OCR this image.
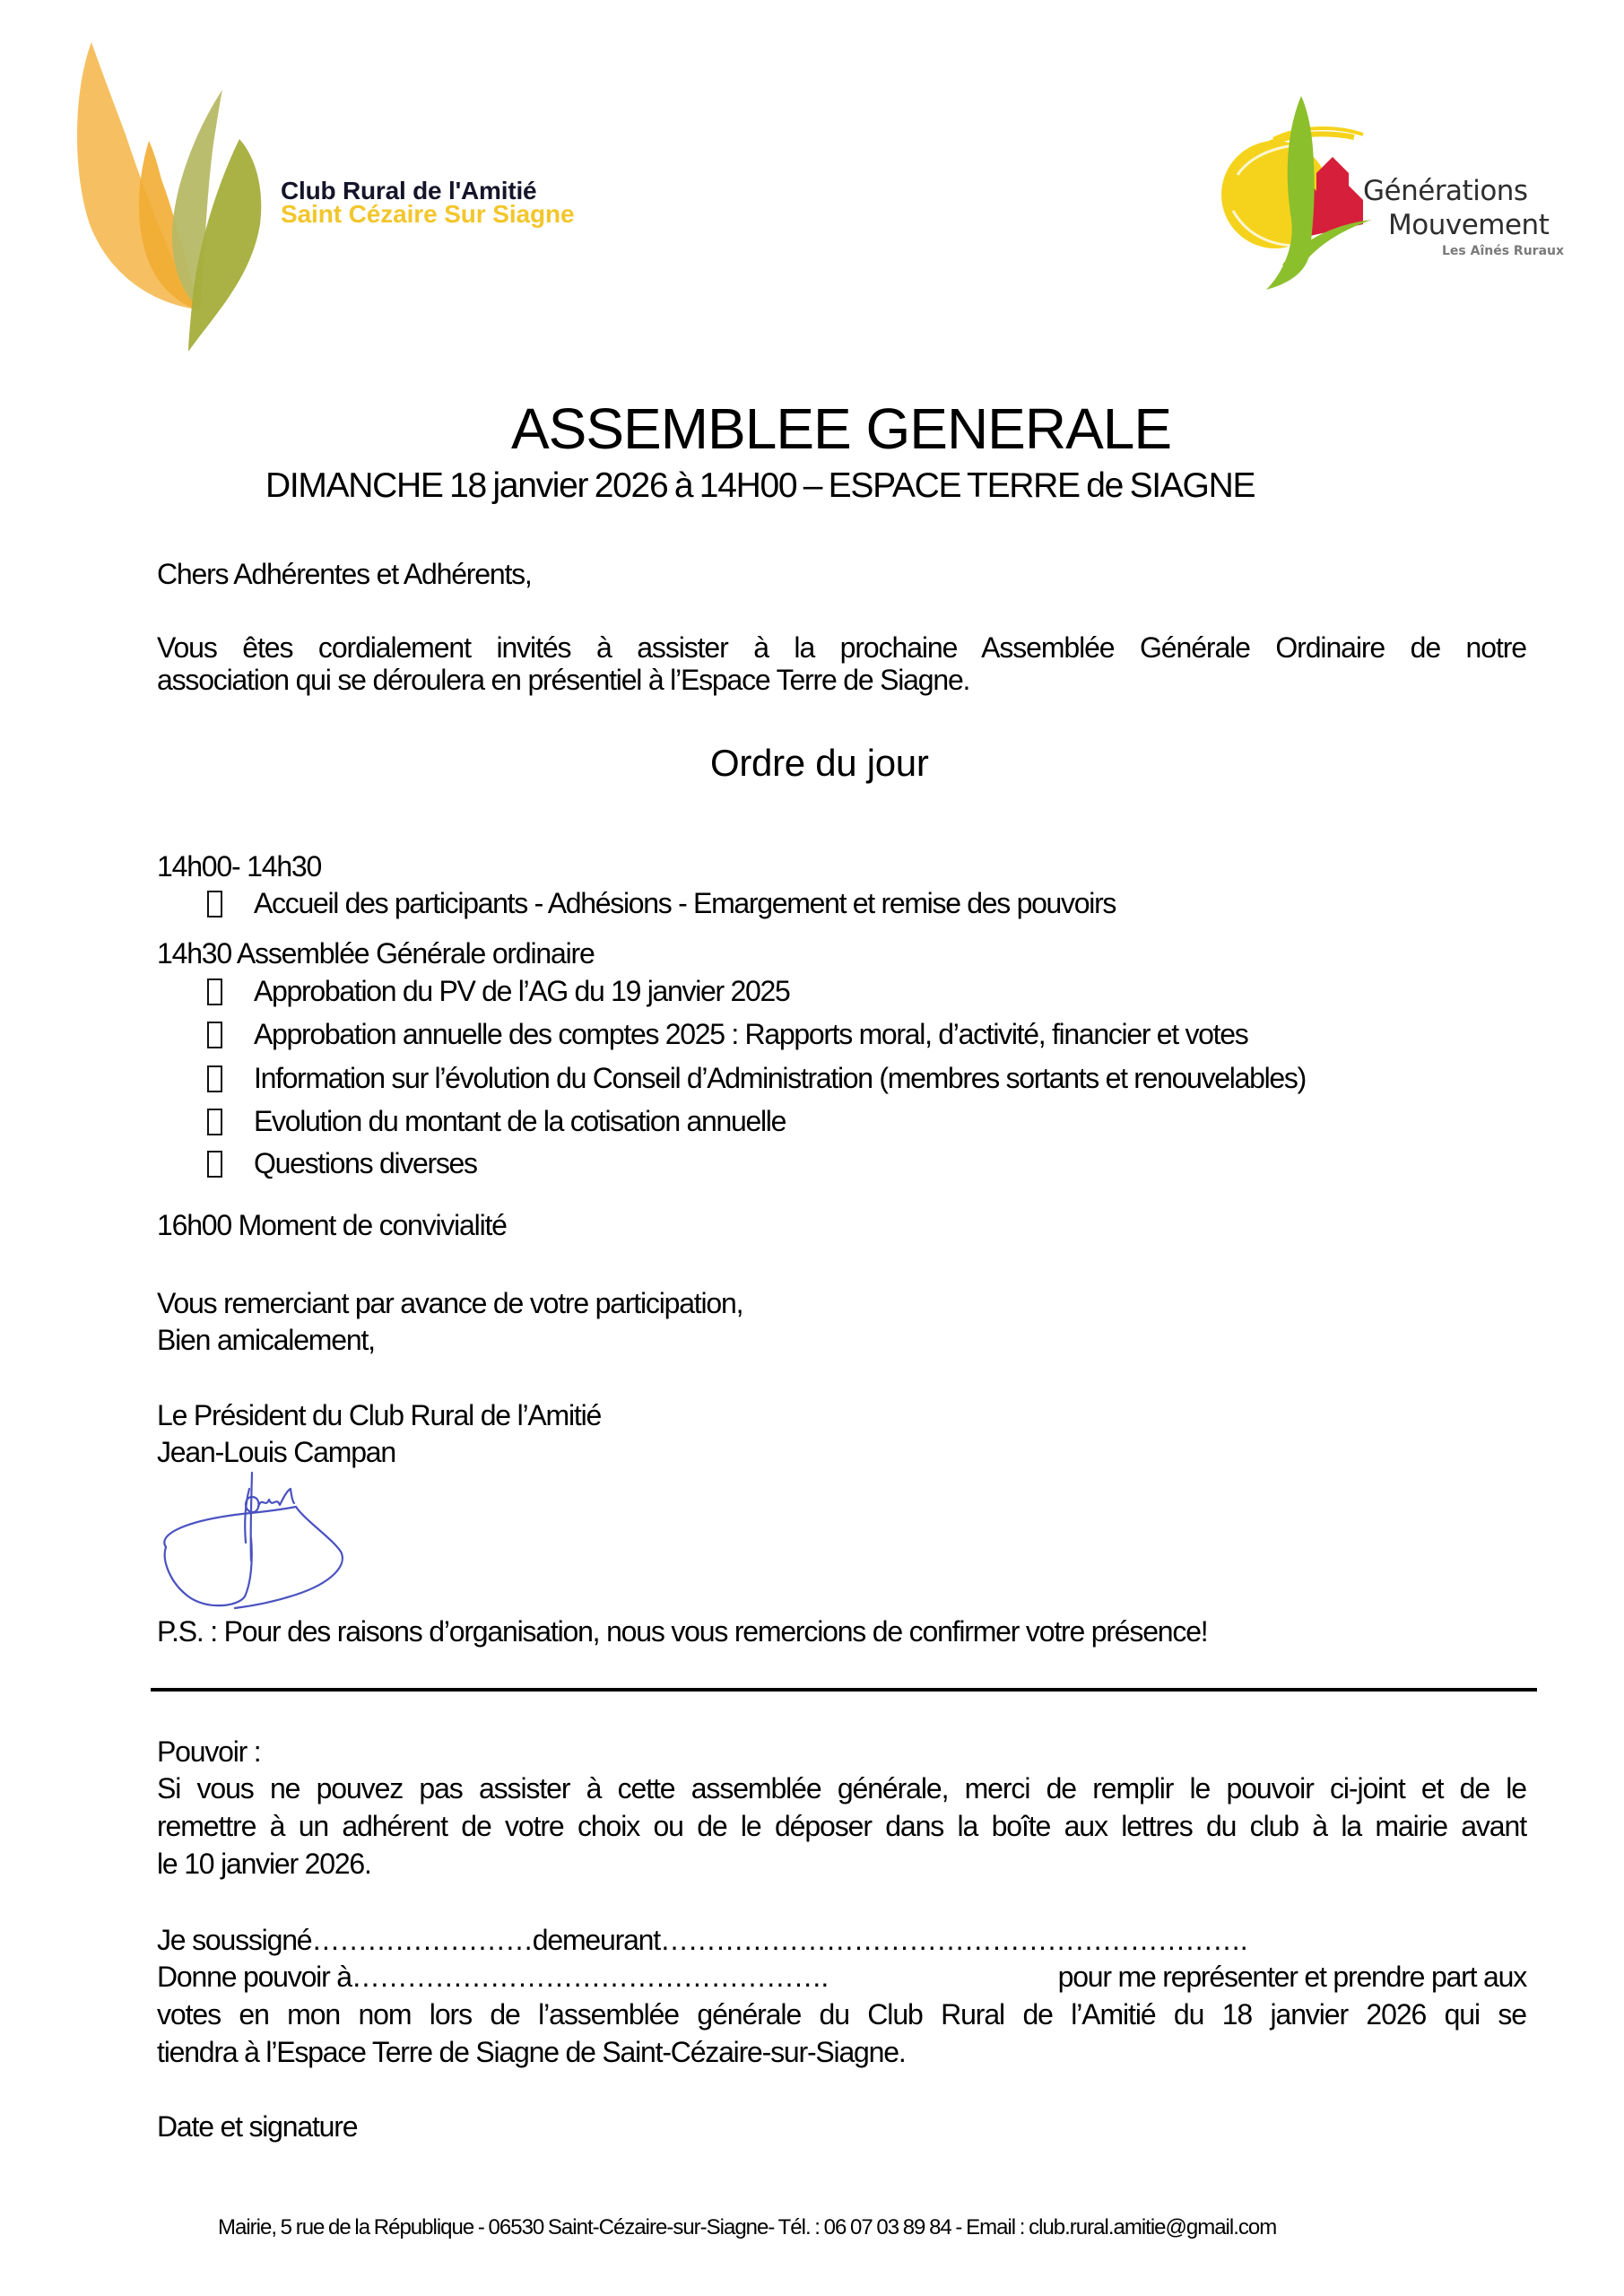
Club Rural de l'Amitié
Saint Cézaire Sur Siagne
Générations
Mouvement
Les Aînés Ruraux
ASSEMBLEE GENERALE
DIMANCHE 18 janvier 2026 à 14H00 – ESPACE TERRE de SIAGNE
Chers Adhérentes et Adhérents,
Vous êtes cordialement invités à assister à la prochaine Assemblée Générale Ordinaire de notre
association qui se déroulera en présentiel à l’Espace Terre de Siagne.
Ordre du jour
14h00- 14h30
Accueil des participants - Adhésions - Emargement et remise des pouvoirs
14h30 Assemblée Générale ordinaire
Approbation du PV de l’AG du 19 janvier 2025
Approbation annuelle des comptes 2025 : Rapports moral, d’activité, financier et votes
Information sur l’évolution du Conseil d’Administration (membres sortants et renouvelables)
Evolution du montant de la cotisation annuelle
Questions diverses
16h00 Moment de convivialité
Vous remerciant par avance de votre participation,
Bien amicalement,
Le Président du Club Rural de l’Amitié
Jean-Louis Campan
P.S. : Pour des raisons d’organisation, nous vous remercions de confirmer votre présence!
Pouvoir :
Si vous ne pouvez pas assister à cette assemblée générale, merci de remplir le pouvoir ci-joint et de le
remettre à un adhérent de votre choix ou de le déposer dans la boîte aux lettres du club à la mairie avant
le 10 janvier 2026.
Je soussigné……………………demeurant……………………………………………………….
Donne pouvoir à…………………………………………….	pour me représenter et prendre part aux
votes en mon nom lors de l’assemblée générale du Club Rural de l’Amitié du 18 janvier 2026 qui se
tiendra à l’Espace Terre de Siagne de Saint-Cézaire-sur-Siagne.
Date et signature
Mairie, 5 rue de la République - 06530 Saint-Cézaire-sur-Siagne- Tél. : 06 07 03 89 84 - Email : club.rural.amitie@gmail.com
